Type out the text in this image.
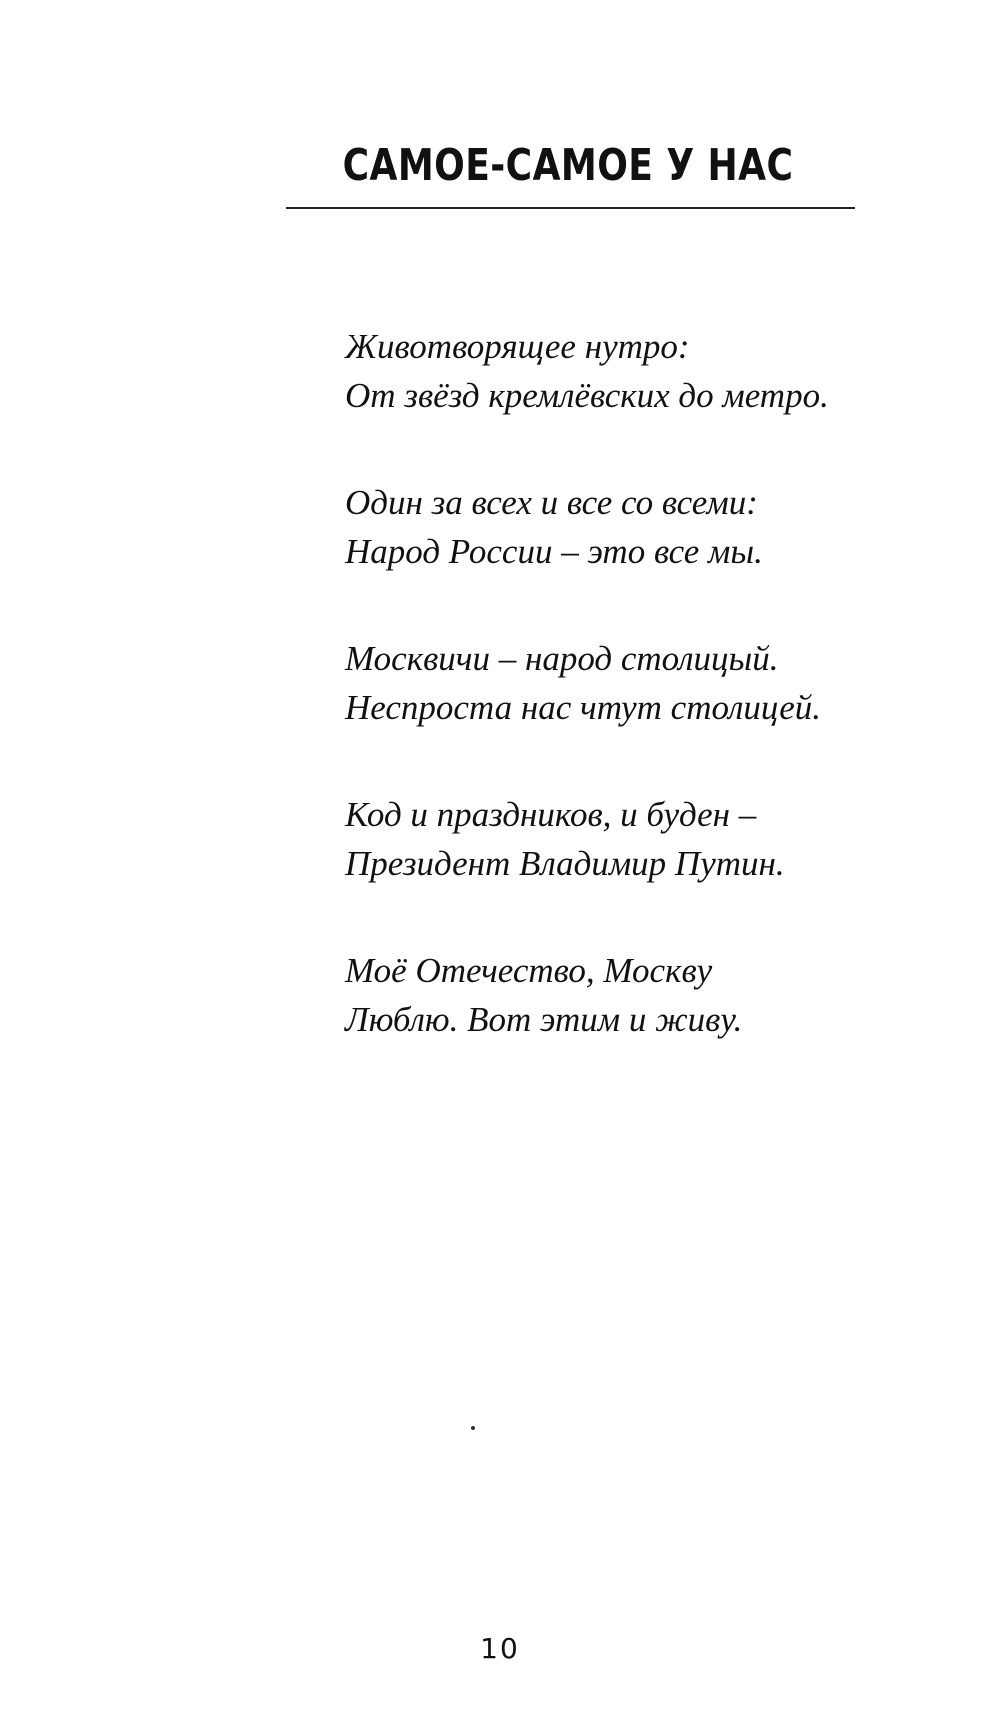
САМОЕ-САМОЕ У НАС
Животворящее нутро:
От звёзд кремлёвских до метро.
Один за всех и все со всеми:
Народ России – это все мы.
Москвичи – народ столицый.
Неспроста нас чтут столицей.
Код и праздников, и буден –
Президент Владимир Путин.
Моё Отечество, Москву
Люблю. Вот этим и живу.
10
